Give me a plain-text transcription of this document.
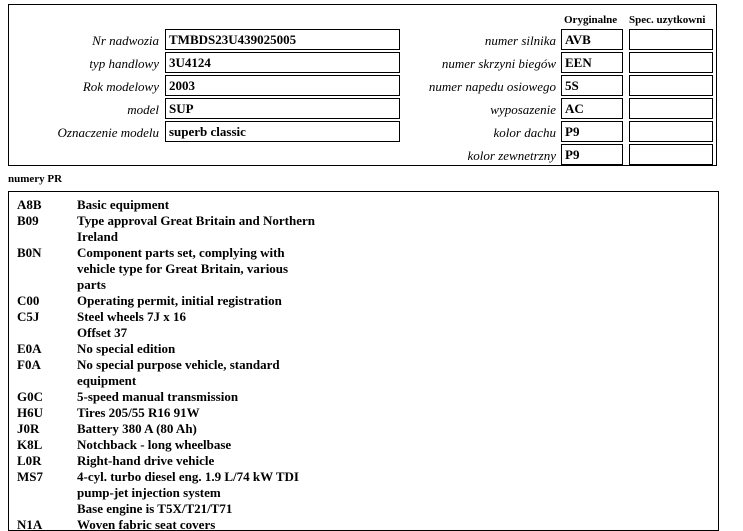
Oryginalne Spec. uzytkowni
Nr nadwozia TMBDS23U439025005
typ handlowy 3U4124
Rok modelowy 2003
model SUP
Oznaczenie modelu superb classic
numer silnika AVB
numer skrzyni biegów EEN
numer napedu osiowego 5S
wyposazenie AC
kolor dachu P9
kolor zewnetrzny P9
numery PR
A8B	Basic equipment
B09	Type approval Great Britain and Northern
Ireland
B0N	Component parts set, complying with
vehicle type for Great Britain, various
parts
C00	Operating permit, initial registration
C5J	Steel wheels 7J x 16
Offset 37
E0A	No special edition
F0A	No special purpose vehicle, standard
equipment
G0C	5-speed manual transmission
H6U	Tires 205/55 R16 91W
J0R	Battery 380 A (80 Ah)
K8L	Notchback - long wheelbase
L0R	Right-hand drive vehicle
MS7	4-cyl. turbo diesel eng. 1.9 L/74 kW TDI
pump-jet injection system
Base engine is T5X/T21/T71
N1A	Woven fabric seat covers
